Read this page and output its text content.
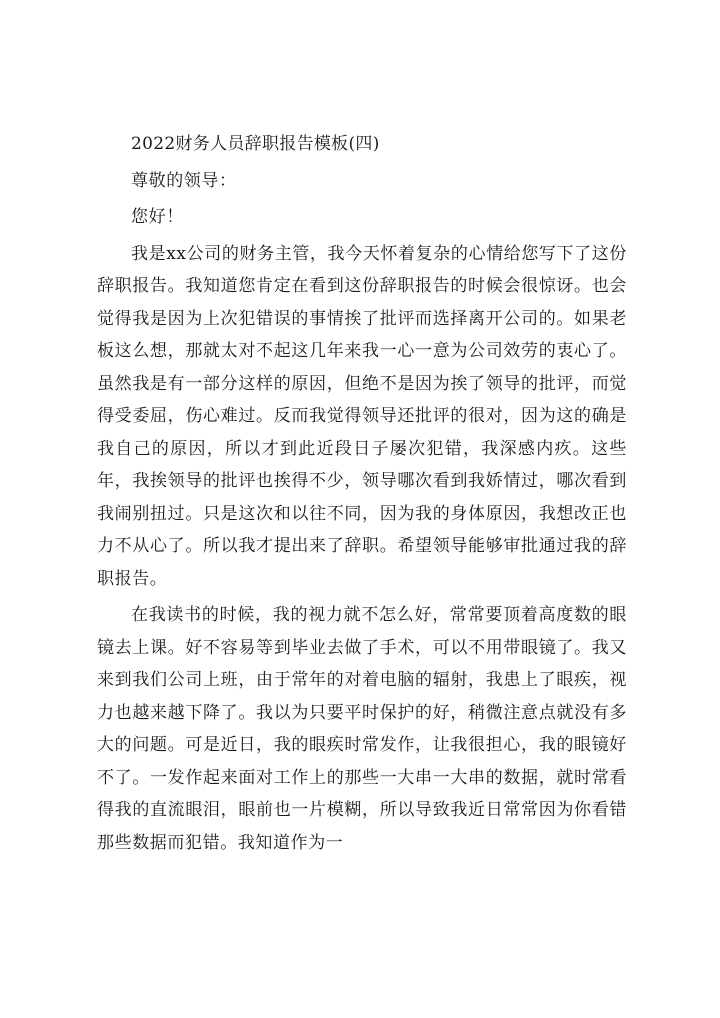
2022财务人员辞职报告模板(四)

尊敬的领导：

您好！

我是xx公司的财务主管，我今天怀着复杂的心情给您写下了这份辞职报告。我知道您肯定在看到这份辞职报告的时候会很惊讶。也会觉得我是因为上次犯错误的事情挨了批评而选择离开公司的。如果老板这么想，那就太对不起这几年来我一心一意为公司效劳的衷心了。虽然我是有一部分这样的原因，但绝不是因为挨了领导的批评，而觉得受委屈，伤心难过。反而我觉得领导还批评的很对，因为这的确是我自己的原因，所以才到此近段日子屡次犯错，我深感内疚。这些年，我挨领导的批评也挨得不少，领导哪次看到我娇情过，哪次看到我闹别扭过。只是这次和以往不同，因为我的身体原因，我想改正也力不从心了。所以我才提出来了辞职。希望领导能够审批通过我的辞职报告。

在我读书的时候，我的视力就不怎么好，常常要顶着高度数的眼镜去上课。好不容易等到毕业去做了手术，可以不用带眼镜了。我又来到我们公司上班，由于常年的对着电脑的辐射，我患上了眼疾，视力也越来越下降了。我以为只要平时保护的好，稍微注意点就没有多大的问题。可是近日，我的眼疾时常发作，让我很担心，我的眼镜好不了。一发作起来面对工作上的那些一大串一大串的数据，就时常看得我的直流眼泪，眼前也一片模糊，所以导致我近日常常因为你看错那些数据而犯错。我知道作为一
